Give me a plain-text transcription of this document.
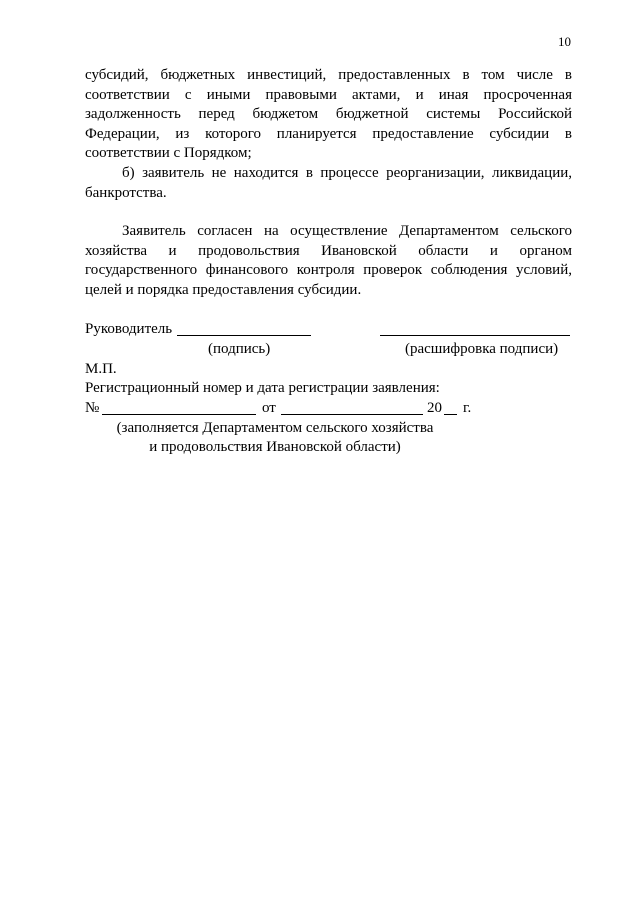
10

субсидий, бюджетных инвестиций, предоставленных в том числе в соответствии с иными правовыми актами, и иная просроченная задолженность перед бюджетом бюджетной системы Российской Федерации, из которого планируется предоставление субсидии в соответствии с Порядком;

б) заявитель не находится в процессе реорганизации, ликвидации, банкротства.

Заявитель согласен на осуществление Департаментом сельского хозяйства и продовольствия Ивановской области и органом государственного финансового контроля проверок соблюдения условий, целей и порядка предоставления субсидии.

Руководитель
(подпись)	(расшифровка подписи)

М.П.

Регистрационный номер и дата регистрации заявления:

№	от	20 г.

(заполняется Департаментом сельского хозяйства

и продовольствия Ивановской области)
